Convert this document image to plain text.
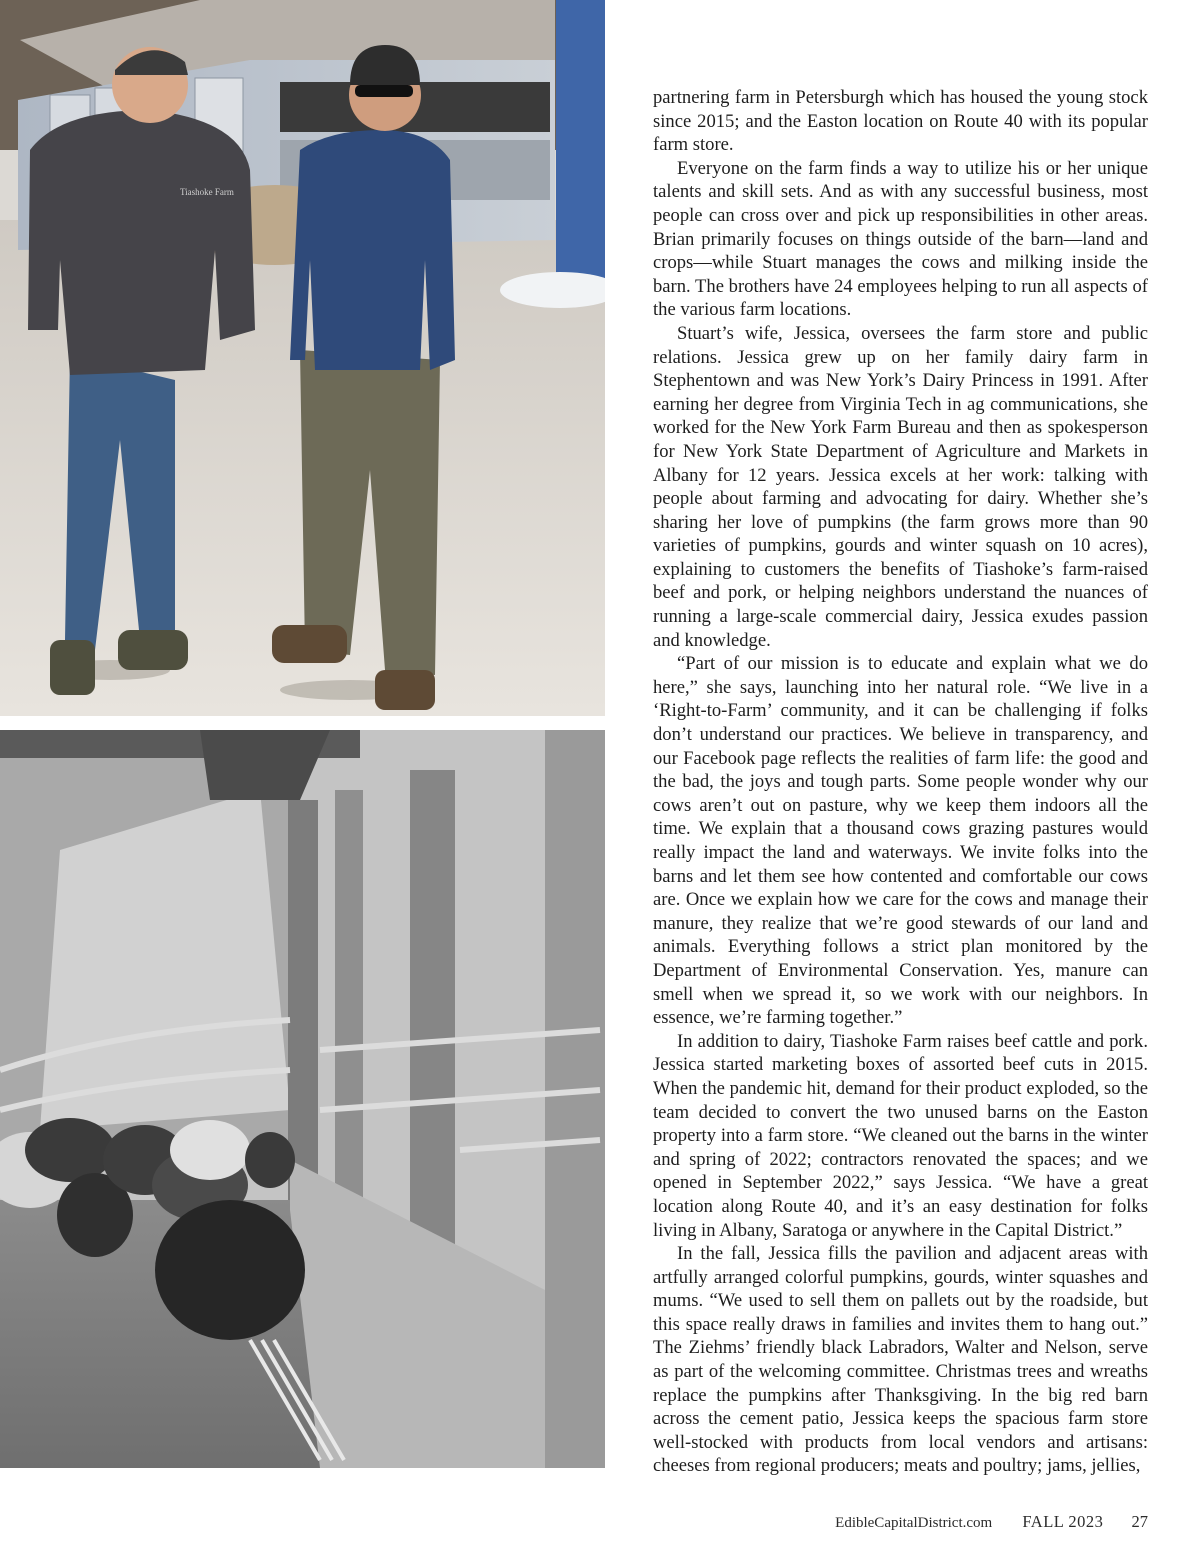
Tiashoke Farm

partnering farm in Petersburgh which has housed the young stock since 2015; and the Easton location on Route 40 with its popular farm store.

Everyone on the farm finds a way to utilize his or her unique talents and skill sets. And as with any successful business, most people can cross over and pick up responsibilities in other areas. Brian primarily focuses on things outside of the barn—land and crops—while Stuart manages the cows and milking inside the barn. The brothers have 24 employees helping to run all aspects of the various farm locations.

Stuart’s wife, Jessica, oversees the farm store and public relations. Jessica grew up on her family dairy farm in Stephentown and was New York’s Dairy Princess in 1991. After earning her degree from Virginia Tech in ag communications, she worked for the New York Farm Bureau and then as spokesperson for New York State Department of Agriculture and Markets in Albany for 12 years. Jessica excels at her work: talking with people about farming and advocating for dairy. Whether she’s sharing her love of pumpkins (the farm grows more than 90 varieties of pumpkins, gourds and winter squash on 10 acres), explaining to customers the benefits of Tiashoke’s farm-raised beef and pork, or helping neighbors understand the nuances of running a large-scale commercial dairy, Jessica exudes passion and knowledge.

“Part of our mission is to educate and explain what we do here,” she says, launching into her natural role. “We live in a ‘Right-to-Farm’ community, and it can be challenging if folks don’t understand our practices. We believe in transparency, and our Facebook page reflects the realities of farm life: the good and the bad, the joys and tough parts. Some people wonder why our cows aren’t out on pasture, why we keep them indoors all the time. We explain that a thousand cows grazing pastures would really impact the land and waterways. We invite folks into the barns and let them see how contented and comfortable our cows are. Once we explain how we care for the cows and manage their manure, they realize that we’re good stewards of our land and animals. Everything follows a strict plan monitored by the Department of Environmental Conservation. Yes, manure can smell when we spread it, so we work with our neighbors. In essence, we’re farming together.”

In addition to dairy, Tiashoke Farm raises beef cattle and pork. Jessica started marketing boxes of assorted beef cuts in 2015. When the pandemic hit, demand for their product exploded, so the team decided to convert the two unused barns on the Easton property into a farm store. “We cleaned out the barns in the winter and spring of 2022; contractors renovated the spaces; and we opened in September 2022,” says Jessica. “We have a great location along Route 40, and it’s an easy destination for folks living in Albany, Saratoga or anywhere in the Capital District.”

In the fall, Jessica fills the pavilion and adjacent areas with artfully arranged colorful pumpkins, gourds, winter squashes and mums. “We used to sell them on pallets out by the roadside, but this space really draws in families and invites them to hang out.” The Ziehms’ friendly black Labradors, Walter and Nelson, serve as part of the welcoming committee. Christmas trees and wreaths replace the pumpkins after Thanksgiving. In the big red barn across the cement patio, Jessica keeps the spacious farm store well-stocked with products from local vendors and artisans: cheeses from regional producers; meats and poultry; jams, jellies,

EdibleCapitalDistrict.com FALL 2023 27
